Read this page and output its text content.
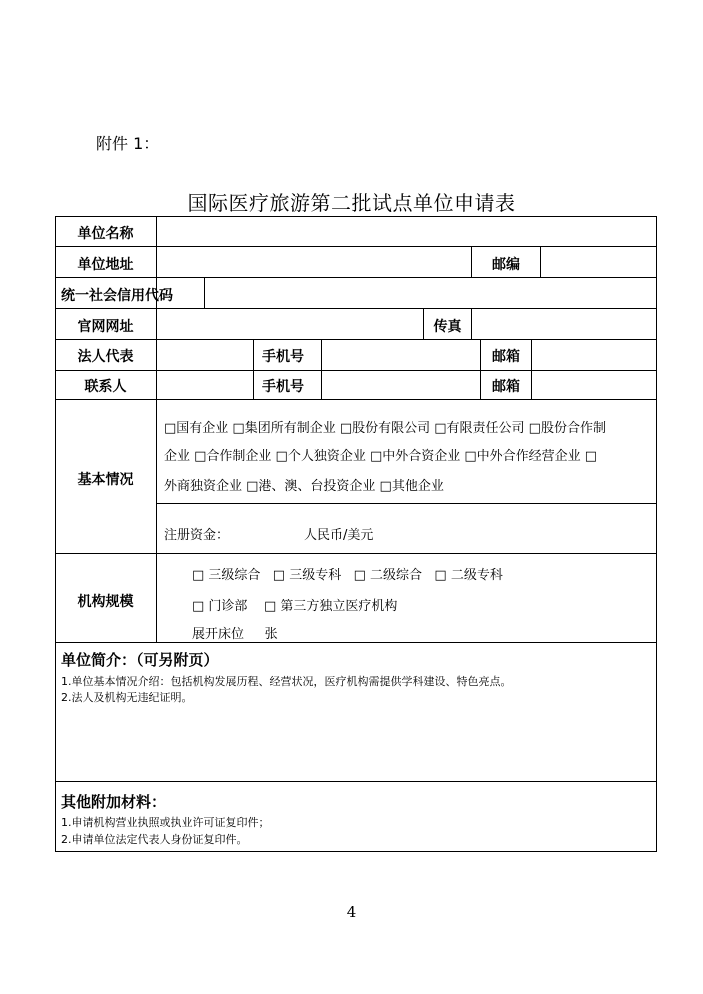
附件 1：
国际医疗旅游第二批试点单位申请表
单位名称
单位地址	邮编
统一社会信用代码
官网网址	传真
法人代表	手机号	邮箱
联系人	手机号	邮箱
基本情况
□国有企业 □集团所有制企业 □股份有限公司 □有限责任公司 □股份合作制
企业 □合作制企业 □个人独资企业 □中外合资企业 □中外合作经营企业 □
外商独资企业 □港、澳、台投资企业 □其他企业
注册资金：	人民币/美元
机构规模
□ 三级综合   □ 三级专科   □ 二级综合   □ 二级专科
□ 门诊部    □ 第三方独立医疗机构
展开床位     张
单位简介：（可另附页）
1.单位基本情况介绍：包括机构发展历程、经营状况，医疗机构需提供学科建设、特色亮点。
2.法人及机构无违纪证明。
其他附加材料：
1.申请机构营业执照或执业许可证复印件；
2.申请单位法定代表人身份证复印件。
4
